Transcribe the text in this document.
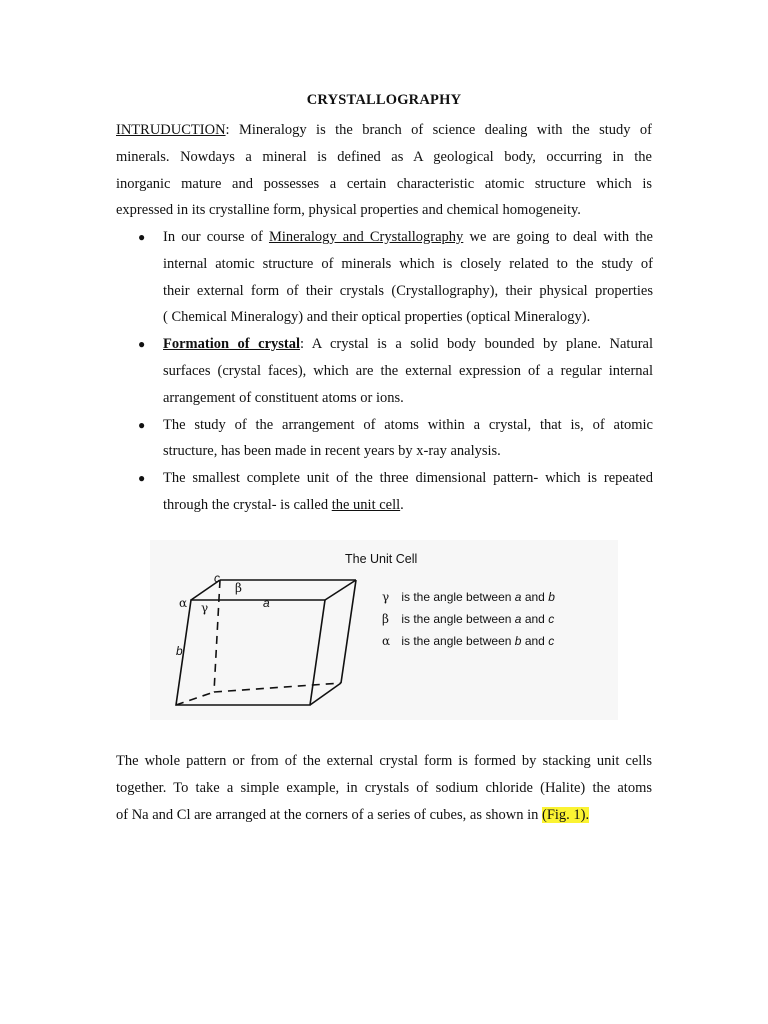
CRYSTALLOGRAPHY
INTRUDUCTION: Mineralogy is the branch of science dealing with the study of
minerals. Nowdays a mineral is defined as A geological body, occurring in the
inorganic mature and possesses a certain characteristic atomic structure which is
expressed in its crystalline form, physical properties and chemical homogeneity.
● In our course of Mineralogy and Crystallography we are going to deal with the
internal atomic structure of minerals which is closely related to the study of
their external form of their crystals (Crystallography), their physical properties
( Chemical Mineralogy) and their optical properties (optical Mineralogy).
● Formation of crystal: A crystal is a solid body bounded by plane. Natural
surfaces (crystal faces), which are the external expression of a regular internal
arrangement of constituent atoms or ions.
● The study of the arrangement of atoms within a crystal, that is, of atomic
structure, has been made in recent years by x-ray analysis.
● The smallest complete unit of the three dimensional pattern- which is repeated
through the crystal- is called the unit cell.
The Unit Cell
c
a
b
β
α γ
γ is the angle between a and b
β is the angle between a and c
α is the angle between b and c
The whole pattern or from of the external crystal form is formed by stacking unit cells
together. To take a simple example, in crystals of sodium chloride (Halite) the atoms
of Na and Cl are arranged at the corners of a series of cubes, as shown in (Fig. 1).
